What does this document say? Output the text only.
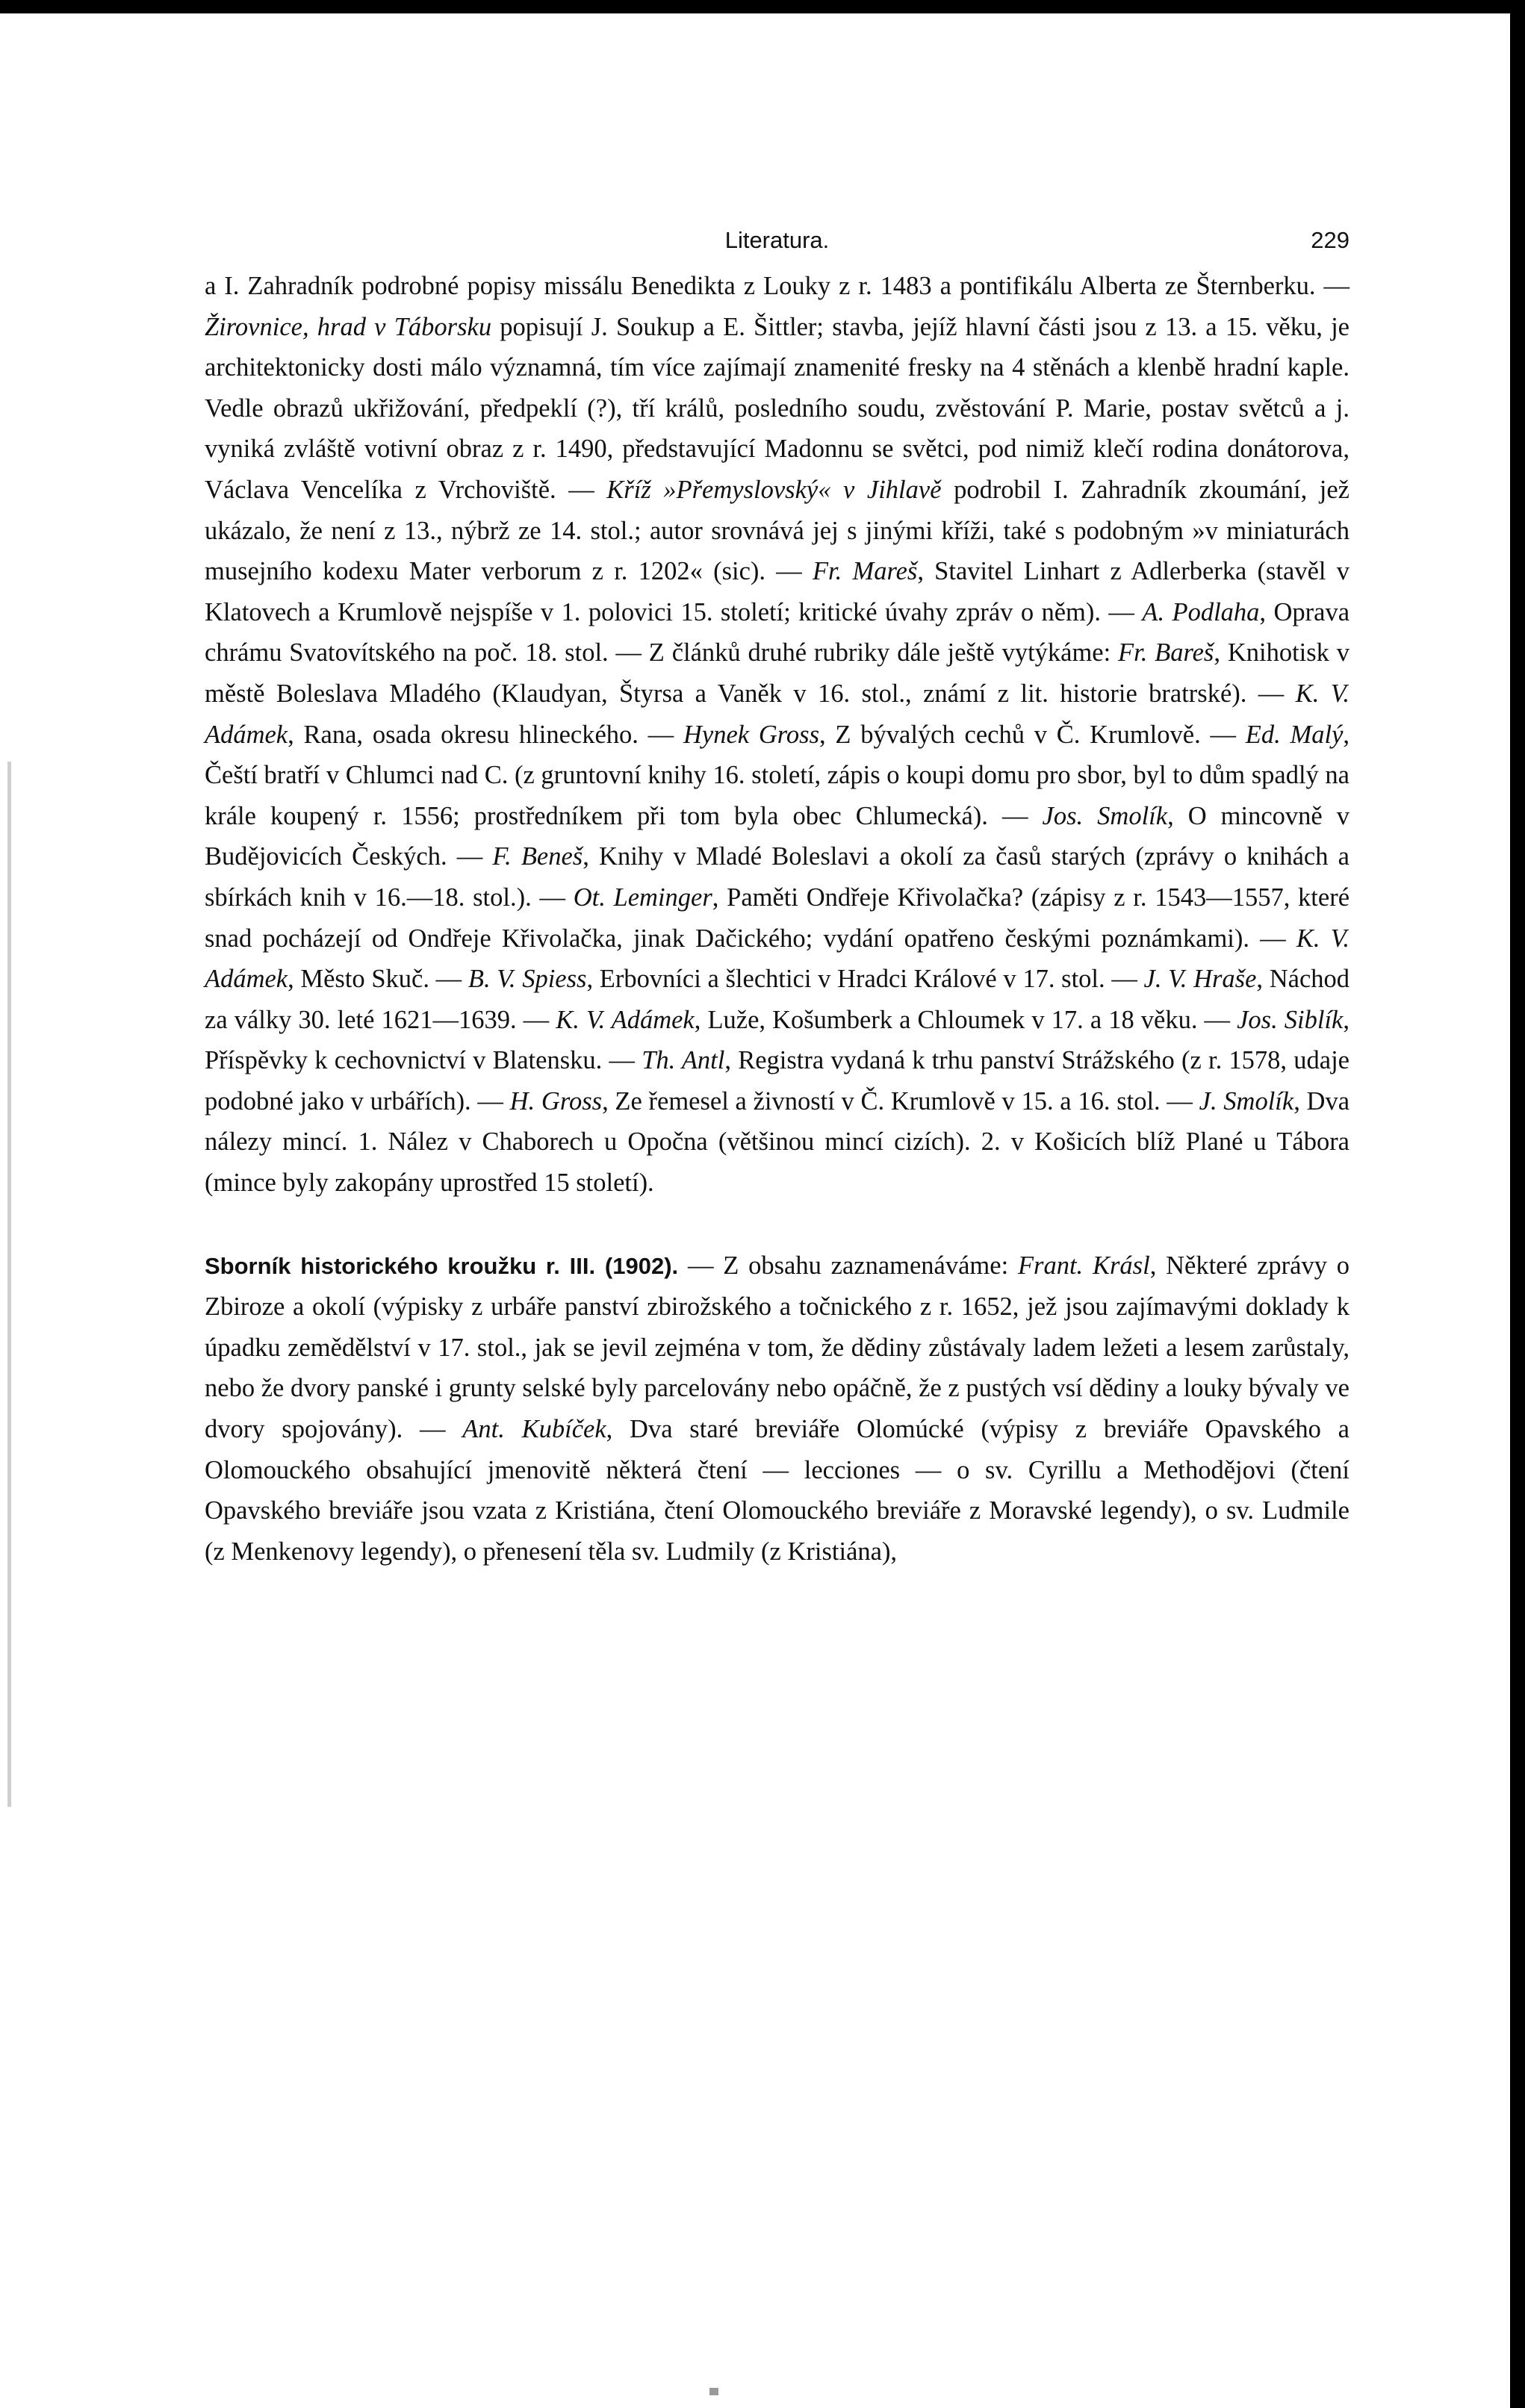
Literatura.	229

a I. Zahradník podrobné popisy missálu Benedikta z Louky z r. 1483 a pontifikálu Alberta ze Šternberku. — Žirovnice, hrad v Táborsku popisují J. Soukup a E. Šittler; stavba, jejíž hlavní části jsou z 13. a 15. věku, je architektonicky dosti málo významná, tím více zajímají znamenité fresky na 4 stěnách a klenbě hradní kaple. Vedle obrazů ukřižování, předpeklí (?), tří králů, posledního soudu, zvěstování P. Marie, postav světců a j. vyniká zvláště votivní obraz z r. 1490, představující Madonnu se světci, pod nimiž klečí rodina donátorova, Václava Vencelíka z Vrchoviště. — Kříž »Přemyslovský« v Jihlavě podrobil I. Zahradník zkoumání, jež ukázalo, že není z 13., nýbrž ze 14. stol.; autor srovnává jej s jinými kříži, také s podobným »v miniaturách musejního kodexu Mater verborum z r. 1202« (sic). — Fr. Mareš, Stavitel Linhart z Adlerberka (stavěl v Klatovech a Krumlově nejspíše v 1. polovici 15. století; kritické úvahy zpráv o něm). — A. Podlaha, Oprava chrámu Svatovítského na poč. 18. stol. — Z článků druhé rubriky dále ještě vytýkáme: Fr. Bareš, Knihotisk v městě Boleslava Mladého (Klaudyan, Štyrsa a Vaněk v 16. stol., známí z lit. historie bratrské). — K. V. Adámek, Rana, osada okresu hlineckého. — Hynek Gross, Z bývalých cechů v Č. Krumlově. — Ed. Malý, Čeští bratří v Chlumci nad C. (z gruntovní knihy 16. století, zápis o koupi domu pro sbor, byl to dům spadlý na krále koupený r. 1556; prostředníkem při tom byla obec Chlumecká). — Jos. Smolík, O mincovně v Budějovicích Českých. — F. Beneš, Knihy v Mladé Boleslavi a okolí za časů starých (zprávy o knihách a sbírkách knih v 16.—18. stol.). — Ot. Leminger, Paměti Ondřeje Křivolačka? (zápisy z r. 1543—1557, které snad pocházejí od Ondřeje Křivolačka, jinak Dačického; vydání opatřeno českými poznámkami). — K. V. Adámek, Město Skuč. — B. V. Spiess, Erbovníci a šlechtici v Hradci Králové v 17. stol. — J. V. Hraše, Náchod za války 30. leté 1621—1639. — K. V. Adámek, Luže, Košumberk a Chloumek v 17. a 18 věku. — Jos. Siblík, Příspěvky k cechovnictví v Blatensku. — Th. Antl, Registra vydaná k trhu panství Strážského (z r. 1578, udaje podobné jako v urbářích). — H. Gross, Ze řemesel a živností v Č. Krumlově v 15. a 16. stol. — J. Smolík, Dva nálezy mincí. 1. Nález v Chaborech u Opočna (většinou mincí cizích). 2. v Košicích blíž Plané u Tábora (mince byly zakopány uprostřed 15 století).

Sborník historického kroužku r. III. (1902). — Z obsahu zaznamenáváme: Frant. Krásl, Některé zprávy o Zbiroze a okolí (výpisky z urbáře panství zbirožského a točnického z r. 1652, jež jsou zajímavými doklady k úpadku zemědělství v 17. stol., jak se jevil zejména v tom, že dědiny zůstávaly ladem ležeti a lesem zarůstaly, nebo že dvory panské i grunty selské byly parcelovány nebo opáčně, že z pustých vsí dědiny a louky bývaly ve dvory spojovány). — Ant. Kubíček, Dva staré breviáře Olomúcké (výpisy z breviáře Opavského a Olomouckého obsahující jmenovitě některá čtení — lecciones — o sv. Cyrillu a Methodějovi (čtení Opavského breviáře jsou vzata z Kristiána, čtení Olomouckého breviáře z Moravské legendy), o sv. Ludmile (z Menkenovy legendy), o přenesení těla sv. Ludmily (z Kristiána),
